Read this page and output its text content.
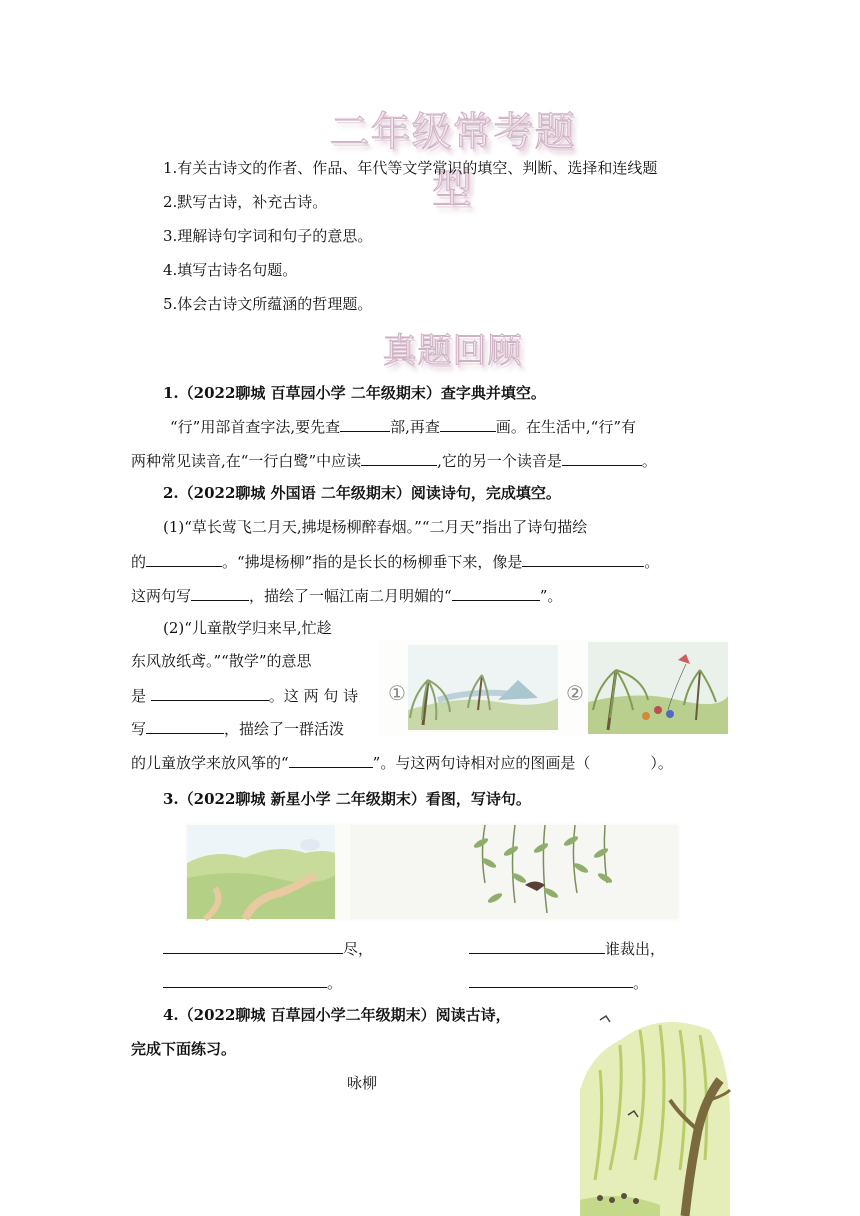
二年级常考题型
1.有关古诗文的作者、作品、年代等文学常识的填空、判断、选择和连线题
2.默写古诗，补充古诗。
3.理解诗句字词和句子的意思。
4.填写古诗名句题。
5.体会古诗文所蕴涵的哲理题。
真题回顾
1.（2022聊城 百草园小学 二年级期末）查字典并填空。
“行”用部首查字法,要先查	部,再查	画。在生活中,“行”有
两种常见读音,在“一行白鹭”中应读	,它的另一个读音是	。
2.（2022聊城 外国语 二年级期末）阅读诗句，完成填空。
(1)“草长莺飞二月天,拂堤杨柳醉春烟。”“二月天”指出了诗句描绘
的	。“拂堤杨柳”指的是长长的杨柳垂下来，像是	。
这两句写	，描绘了一幅江南二月明媚的“	”。
(2)“儿童散学归来早,忙趁
东风放纸鸢。”“散学”的意思
是	。这 两 句 诗
写	，描绘了一群活泼
的儿童放学来放风筝的“	”。与这两句诗相对应的图画是（	）。
①	②
3.（2022聊城 新星小学 二年级期末）看图，写诗句。
尽，	谁裁出，
。	。
4.（2022聊城 百草园小学二年级期末）阅读古诗，
完成下面练习。
咏柳
